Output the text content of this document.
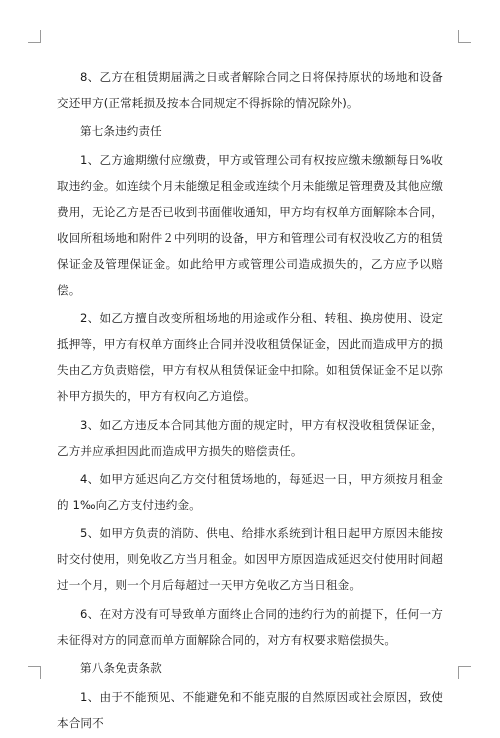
8、乙方在租赁期届满之日或者解除合同之日将保持原状的场地和设备交还甲方(正常耗损及按本合同规定不得拆除的情况除外)。

第七条违约责任

1、乙方逾期缴付应缴费，甲方或管理公司有权按应缴未缴额每日%收取违约金。如连续个月未能缴足租金或连续个月未能缴足管理费及其他应缴费用，无论乙方是否已收到书面催收通知，甲方均有权单方面解除本合同，收回所租场地和附件２中列明的设备，甲方和管理公司有权没收乙方的租赁保证金及管理保证金。如此给甲方或管理公司造成损失的，乙方应予以赔偿。

2、如乙方擅自改变所租场地的用途或作分租、转租、换房使用、设定抵押等，甲方有权单方面终止合同并没收租赁保证金，因此而造成甲方的损失由乙方负责赔偿，甲方有权从租赁保证金中扣除。如租赁保证金不足以弥补甲方损失的，甲方有权向乙方追偿。

3、如乙方违反本合同其他方面的规定时，甲方有权没收租赁保证金，乙方并应承担因此而造成甲方损失的赔偿责任。

4、如甲方延迟向乙方交付租赁场地的，每延迟一日，甲方须按月租金的 1‰向乙方支付违约金。

5、如甲方负责的消防、供电、给排水系统到计租日起甲方原因未能按时交付使用，则免收乙方当月租金。如因甲方原因造成延迟交付使用时间超过一个月，则一个月后每超过一天甲方免收乙方当日租金。

6、在对方没有可导致单方面终止合同的违约行为的前提下，任何一方未征得对方的同意而单方面解除合同的，对方有权要求赔偿损失。

第八条免责条款

1、由于不能预见、不能避免和不能克服的自然原因或社会原因，致使本合同不
